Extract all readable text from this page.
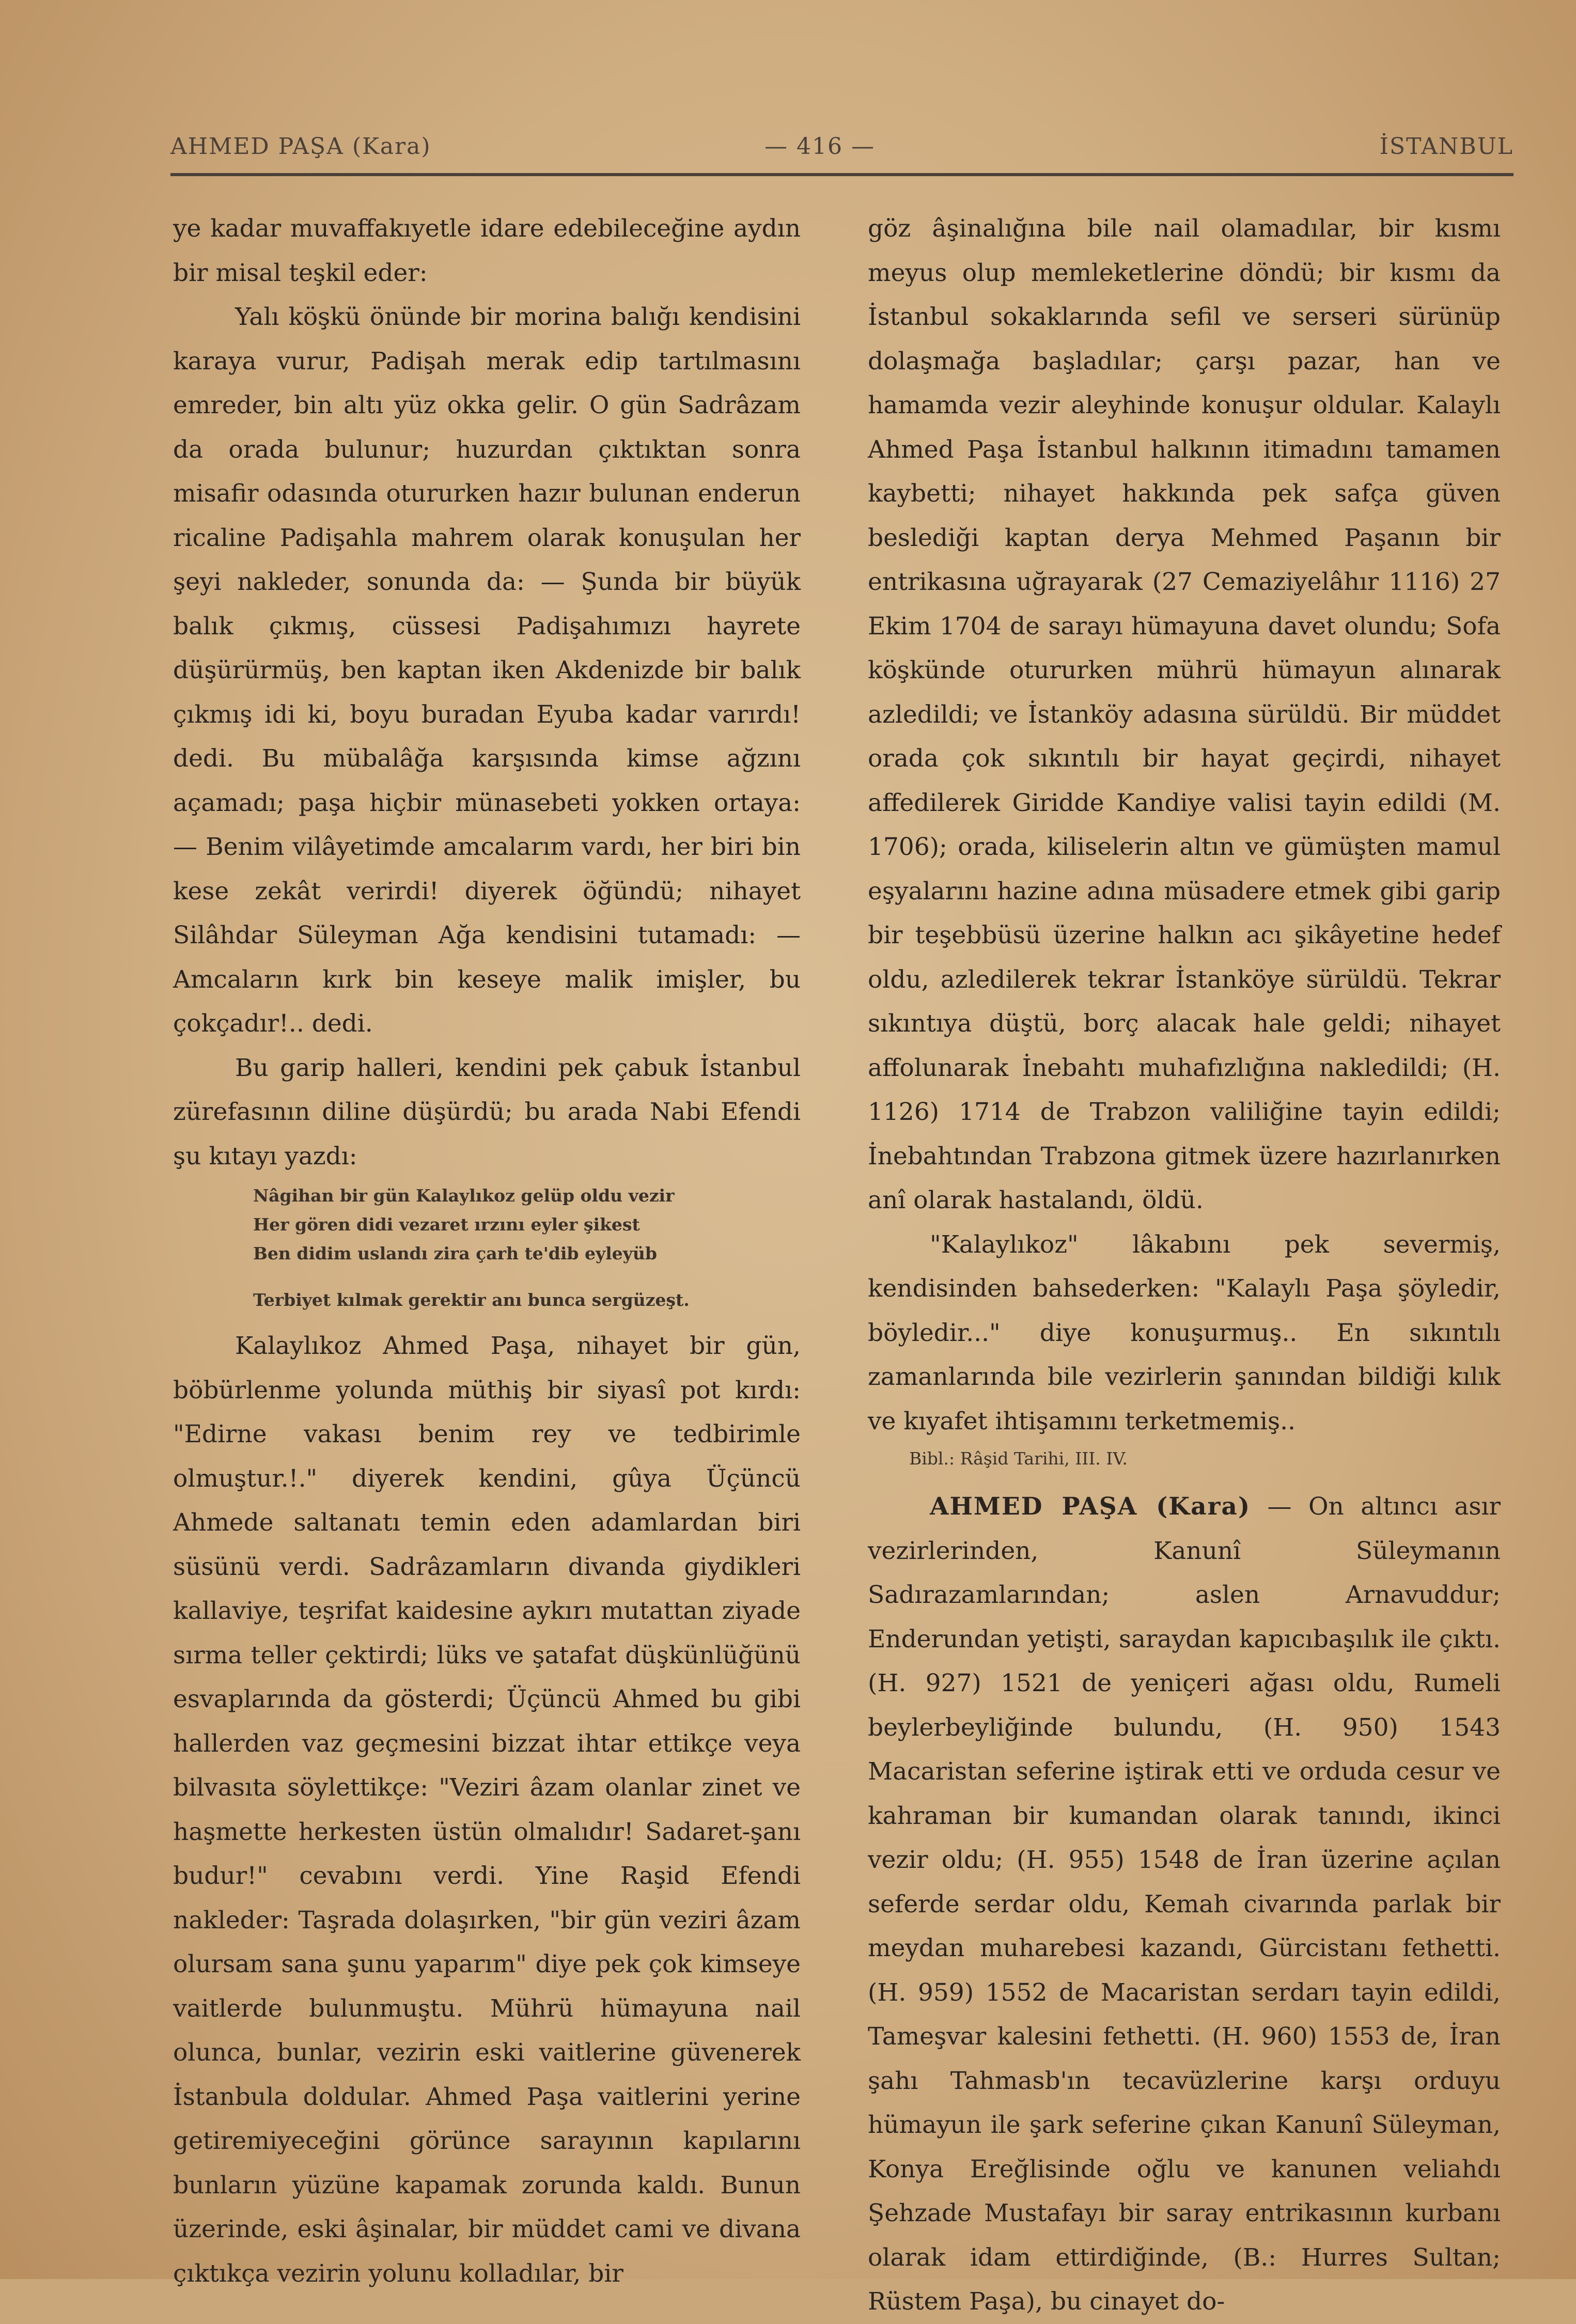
AHMED PAŞA (Kara)	— 416 —	İSTANBUL

ye kadar muvaffakıyetle idare edebileceğine aydın bir misal teşkil eder:

Yalı köşkü önünde bir morina balığı kendisini karaya vurur, Padişah merak edip tartılmasını emreder, bin altı yüz okka gelir. O gün Sadrâzam da orada bulunur; huzurdan çıktıktan sonra misafir odasında otururken hazır bulunan enderun ricaline Padişahla mahrem olarak konuşulan her şeyi nakleder, sonunda da: — Şunda bir büyük balık çıkmış, cüssesi Padişahımızı hayrete düşürürmüş, ben kaptan iken Akdenizde bir balık çıkmış idi ki, boyu buradan Eyuba kadar varırdı! dedi. Bu mübalâğa karşısında kimse ağzını açamadı; paşa hiçbir münasebeti yokken ortaya: — Benim vilâyetimde amcalarım vardı, her biri bin kese zekât verirdi! diyerek öğündü; nihayet Silâhdar Süleyman Ağa kendisini tutamadı: — Amcaların kırk bin keseye malik imişler, bu çokçadır!.. dedi.

Bu garip halleri, kendini pek çabuk İstanbul zürefasının diline düşürdü; bu arada Nabi Efendi şu kıtayı yazdı:

Nâgihan bir gün Kalaylıkoz gelüp oldu vezir
Her gören didi vezaret ırzını eyler şikest
Ben didim uslandı zira çarh te'dib eyleyüb
Terbiyet kılmak gerektir anı bunca sergüzeşt.

Kalaylıkoz Ahmed Paşa, nihayet bir gün, böbürlenme yolunda müthiş bir siyasî pot kırdı: "Edirne vakası benim rey ve tedbirimle olmuştur.!." diyerek kendini, gûya Üçüncü Ahmede saltanatı temin eden adamlardan biri süsünü verdi. Sadrâzamların divanda giydikleri kallaviye, teşrifat kaidesine aykırı mutattan ziyade sırma teller çektirdi; lüks ve şatafat düşkünlüğünü esvaplarında da gösterdi; Üçüncü Ahmed bu gibi hallerden vaz geçmesini bizzat ihtar ettikçe veya bilvasıta söylettikçe: "Veziri âzam olanlar zinet ve haşmette herkesten üstün olmalıdır! Sadaret-şanı budur!" cevabını verdi. Yine Raşid Efendi nakleder: Taşrada dolaşırken, "bir gün veziri âzam olursam sana şunu yaparım" diye pek çok kimseye vaitlerde bulunmuştu. Mührü hümayuna nail olunca, bunlar, vezirin eski vaitlerine güvenerek İstanbula doldular. Ahmed Paşa vaitlerini yerine getiremiyeceğini görünce sarayının kapılarını bunların yüzüne kapamak zorunda kaldı. Bunun üzerinde, eski âşinalar, bir müddet cami ve divana çıktıkça vezirin yolunu kolladılar, bir

göz âşinalığına bile nail olamadılar, bir kısmı meyus olup memleketlerine döndü; bir kısmı da İstanbul sokaklarında sefil ve serseri sürünüp dolaşmağa başladılar; çarşı pazar, han ve hamamda vezir aleyhinde konuşur oldular. Kalaylı Ahmed Paşa İstanbul halkının itimadını tamamen kaybetti; nihayet hakkında pek safça güven beslediği kaptan derya Mehmed Paşanın bir entrikasına uğrayarak (27 Cemaziyelâhır 1116) 27 Ekim 1704 de sarayı hümayuna davet olundu; Sofa köşkünde otururken mührü hümayun alınarak azledildi; ve İstanköy adasına sürüldü. Bir müddet orada çok sıkıntılı bir hayat geçirdi, nihayet affedilerek Giridde Kandiye valisi tayin edildi (M. 1706); orada, kiliselerin altın ve gümüşten mamul eşyalarını hazine adına müsadere etmek gibi garip bir teşebbüsü üzerine halkın acı şikâyetine hedef oldu, azledilerek tekrar İstanköye sürüldü. Tekrar sıkıntıya düştü, borç alacak hale geldi; nihayet affolunarak İnebahtı muhafızlığına nakledildi; (H. 1126) 1714 de Trabzon valiliğine tayin edildi; İnebahtından Trabzona gitmek üzere hazırlanırken anî olarak hastalandı, öldü.

"Kalaylıkoz" lâkabını pek severmiş, kendisinden bahsederken: "Kalaylı Paşa şöyledir, böyledir..." diye konuşurmuş.. En sıkıntılı zamanlarında bile vezirlerin şanından bildiği kılık ve kıyafet ihtişamını terketmemiş..

Bibl.: Râşid Tarihi, III. IV.

AHMED PAŞA (Kara) — On altıncı asır vezirlerinden, Kanunî Süleymanın Sadırazamlarından; aslen Arnavuddur; Enderundan yetişti, saraydan kapıcıbaşılık ile çıktı. (H. 927) 1521 de yeniçeri ağası oldu, Rumeli beylerbeyliğinde bulundu, (H. 950) 1543 Macaristan seferine iştirak etti ve orduda cesur ve kahraman bir kumandan olarak tanındı, ikinci vezir oldu; (H. 955) 1548 de İran üzerine açılan seferde serdar oldu, Kemah civarında parlak bir meydan muharebesi kazandı, Gürcistanı fethetti. (H. 959) 1552 de Macaristan serdarı tayin edildi, Tameşvar kalesini fethetti. (H. 960) 1553 de, İran şahı Tahmasb'ın tecavüzlerine karşı orduyu hümayun ile şark seferine çıkan Kanunî Süleyman, Konya Ereğlisinde oğlu ve kanunen veliahdı Şehzade Mustafayı bir saray entrikasının kurbanı olarak idam ettirdiğinde, (B.: Hurres Sultan; Rüstem Paşa), bu cinayet do-
